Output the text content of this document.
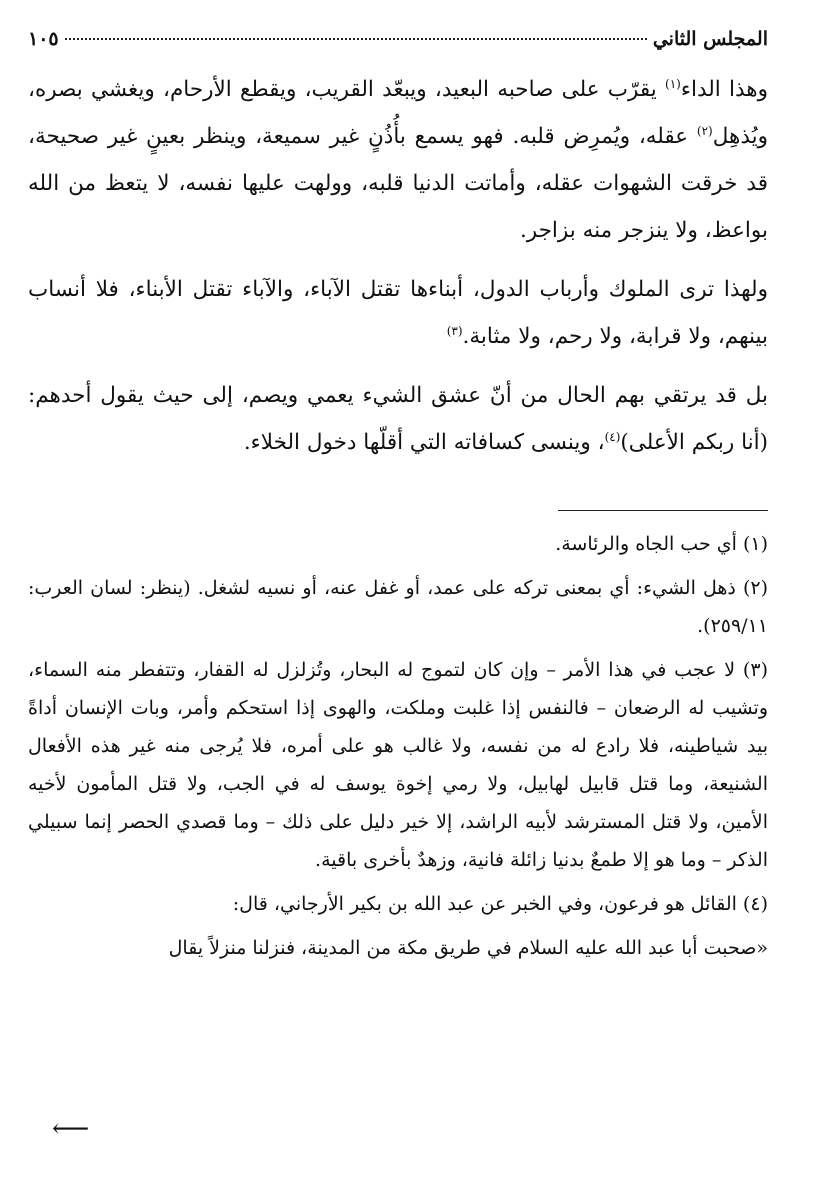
المجلس الثاني
١٠٥

وهذا الداء$^{(١)}$ يقرّب على صاحبه البعيد، ويبعّد القريب، ويقطع الأرحام، ويغشي بصره، ويُذهِل$^{(٢)}$ عقله، ويُمرِض قلبه. فهو يسمع بأُذُنٍ غير سميعة، وينظر بعينٍ غير صحيحة، قد خرقت الشهوات عقله، وأماتت الدنيا قلبه، وولهت عليها نفسه، لا يتعظ من الله بواعظ، ولا ينزجر منه بزاجر.

ولهذا ترى الملوك وأرباب الدول، أبناءها تقتل الآباء، والآباء تقتل الأبناء، فلا أنساب بينهم، ولا قرابة، ولا رحم، ولا مثابة.$^{(٣)}$

بل قد يرتقي بهم الحال من أنّ عشق الشيء يعمي ويصم، إلى حيث يقول أحدهم: (أنا ربكم الأعلى)$^{(٤)}$، وينسى كسافاته التي أقلّها دخول الخلاء.

(١) أي حب الجاه والرئاسة.

(٢) ذهل الشيء: أي بمعنى تركه على عمد، أو غفل عنه، أو نسيه لشغل. (ينظر: لسان العرب: ٢٥٩/١١).

(٣) لا عجب في هذا الأمر – وإن كان لتموج له البحار، وتُزلزل له القفار، وتتفطر منه السماء، وتشيب له الرضعان – فالنفس إذا غلبت وملكت، والهوى إذا استحكم وأمر، وبات الإنسان أداةً بيد شياطينه، فلا رادع له من نفسه، ولا غالب هو على أمره، فلا يُرجى منه غير هذه الأفعال الشنيعة، وما قتل قابيل لهابيل، ولا رمي إخوة يوسف له في الجب، ولا قتل المأمون لأخيه الأمين، ولا قتل المسترشد لأبيه الراشد، إلا خير دليل على ذلك – وما قصدي الحصر إنما سبيلي الذكر – وما هو إلا طمعٌ بدنيا زائلة فانية، وزهدٌ بأخرى باقية.

(٤) القائل هو فرعون، وفي الخبر عن عبد الله بن بكير الأرجاني، قال:

«صحبت أبا عبد الله عليه السلام في طريق مكة من المدينة، فنزلنا منزلاً يقال

⟵
